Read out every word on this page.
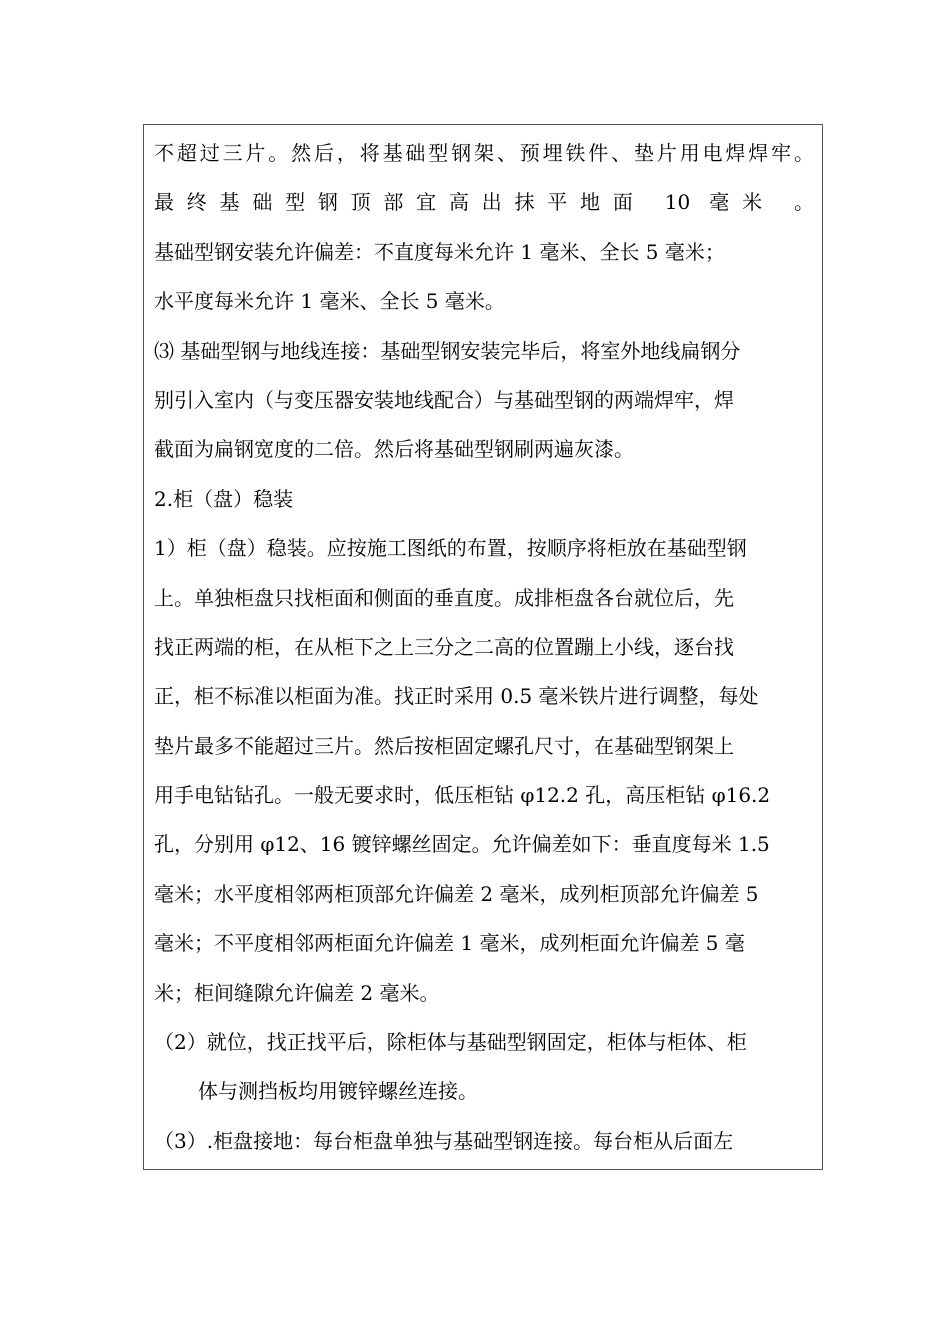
不超过三片。然后，将基础型钢架、预埋铁件、垫片用电焊焊牢。
最终基础型钢顶部宜高出抹平地面 10 毫米 。
基础型钢安装允许偏差：不直度每米允许 1 毫米、全长 5 毫米；
水平度每米允许 1 毫米、全长 5 毫米。
⑶ 基础型钢与地线连接：基础型钢安装完毕后，将室外地线扁钢分
别引入室内（与变压器安装地线配合）与基础型钢的两端焊牢，焊
截面为扁钢宽度的二倍。然后将基础型钢刷两遍灰漆。
2.柜（盘）稳装
1）柜（盘）稳装。应按施工图纸的布置，按顺序将柜放在基础型钢
上。单独柜盘只找柜面和侧面的垂直度。成排柜盘各台就位后，先
找正两端的柜，在从柜下之上三分之二高的位置蹦上小线，逐台找
正，柜不标准以柜面为准。找正时采用 0.5 毫米铁片进行调整，每处
垫片最多不能超过三片。然后按柜固定螺孔尺寸，在基础型钢架上
用手电钻钻孔。一般无要求时，低压柜钻 φ12.2 孔，高压柜钻 φ16.2
孔，分别用 φ12、16 镀锌螺丝固定。允许偏差如下：垂直度每米 1.5
毫米；水平度相邻两柜顶部允许偏差 2 毫米，成列柜顶部允许偏差 5
毫米；不平度相邻两柜面允许偏差 1 毫米，成列柜面允许偏差 5 毫
米；柜间缝隙允许偏差 2 毫米。
（2）就位，找正找平后，除柜体与基础型钢固定，柜体与柜体、柜
体与测挡板均用镀锌螺丝连接。
（3）.柜盘接地：每台柜盘单独与基础型钢连接。每台柜从后面左
